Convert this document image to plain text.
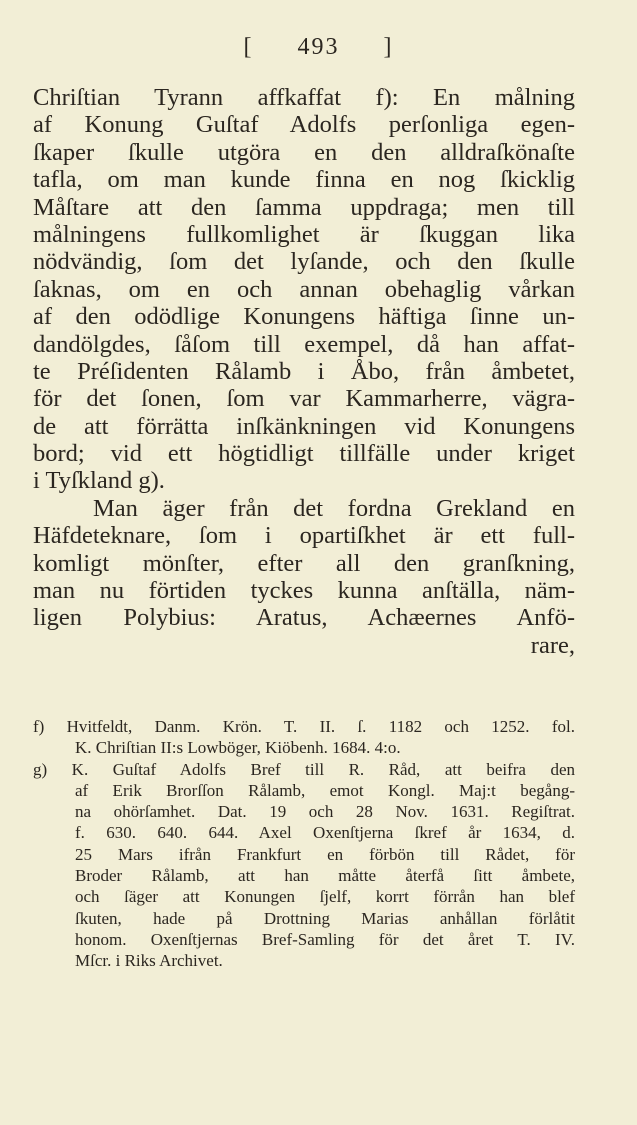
[ 493 ]
Chriſtian Tyrann affkaffat f): En målning
af Konung Guſtaf Adolfs perſonliga egen-
ſkaper ſkulle utgöra en den alldraſkönaſte
tafla, om man kunde finna en nog ſkicklig
Måſtare att den ſamma uppdraga; men till
målningens fullkomlighet är ſkuggan lika
nödvändig, ſom det lyſande, och den ſkulle
ſaknas, om en och annan obehaglig vårkan
af den odödlige Konungens häftiga ſinne un-
dandölgdes, ſåſom till exempel, då han affat-
te Préſidenten Rålamb i Åbo, från åmbetet,
för det ſonen, ſom var Kammarherre, vägra-
de att förrätta inſkänkningen vid Konungens
bord; vid ett högtidligt tillfälle under kriget
i Tyſkland g).
Man äger från det fordna Grekland en
Häfdeteknare, ſom i opartiſkhet är ett full-
komligt mönſter, efter all den granſkning,
man nu förtiden tyckes kunna anſtälla, näm-
ligen Polybius: Aratus, Achæernes Anfö-
rare,
f) Hvitfeldt, Danm. Krön. T. II. ſ. 1182 och 1252. fol.
K. Chriſtian II:s Lowböger, Kiöbenh. 1684. 4:o.
g) K. Guſtaf Adolfs Bref till R. Råd, att beifra den
af Erik Brorſſon Rålamb, emot Kongl. Maj:t begång-
na ohörſamhet. Dat. 19 och 28 Nov. 1631. Regiſtrat.
f. 630. 640. 644. Axel Oxenſtjerna ſkref år 1634, d.
25 Mars ifrån Frankfurt en förbön till Rådet, för
Broder Rålamb, att han måtte återfå ſitt åmbete,
och ſäger att Konungen ſjelf, korrt förrån han blef
ſkuten, hade på Drottning Marias anhållan förlåtit
honom. Oxenſtjernas Bref-Samling för det året T. IV.
Mſcr. i Riks Archivet.
